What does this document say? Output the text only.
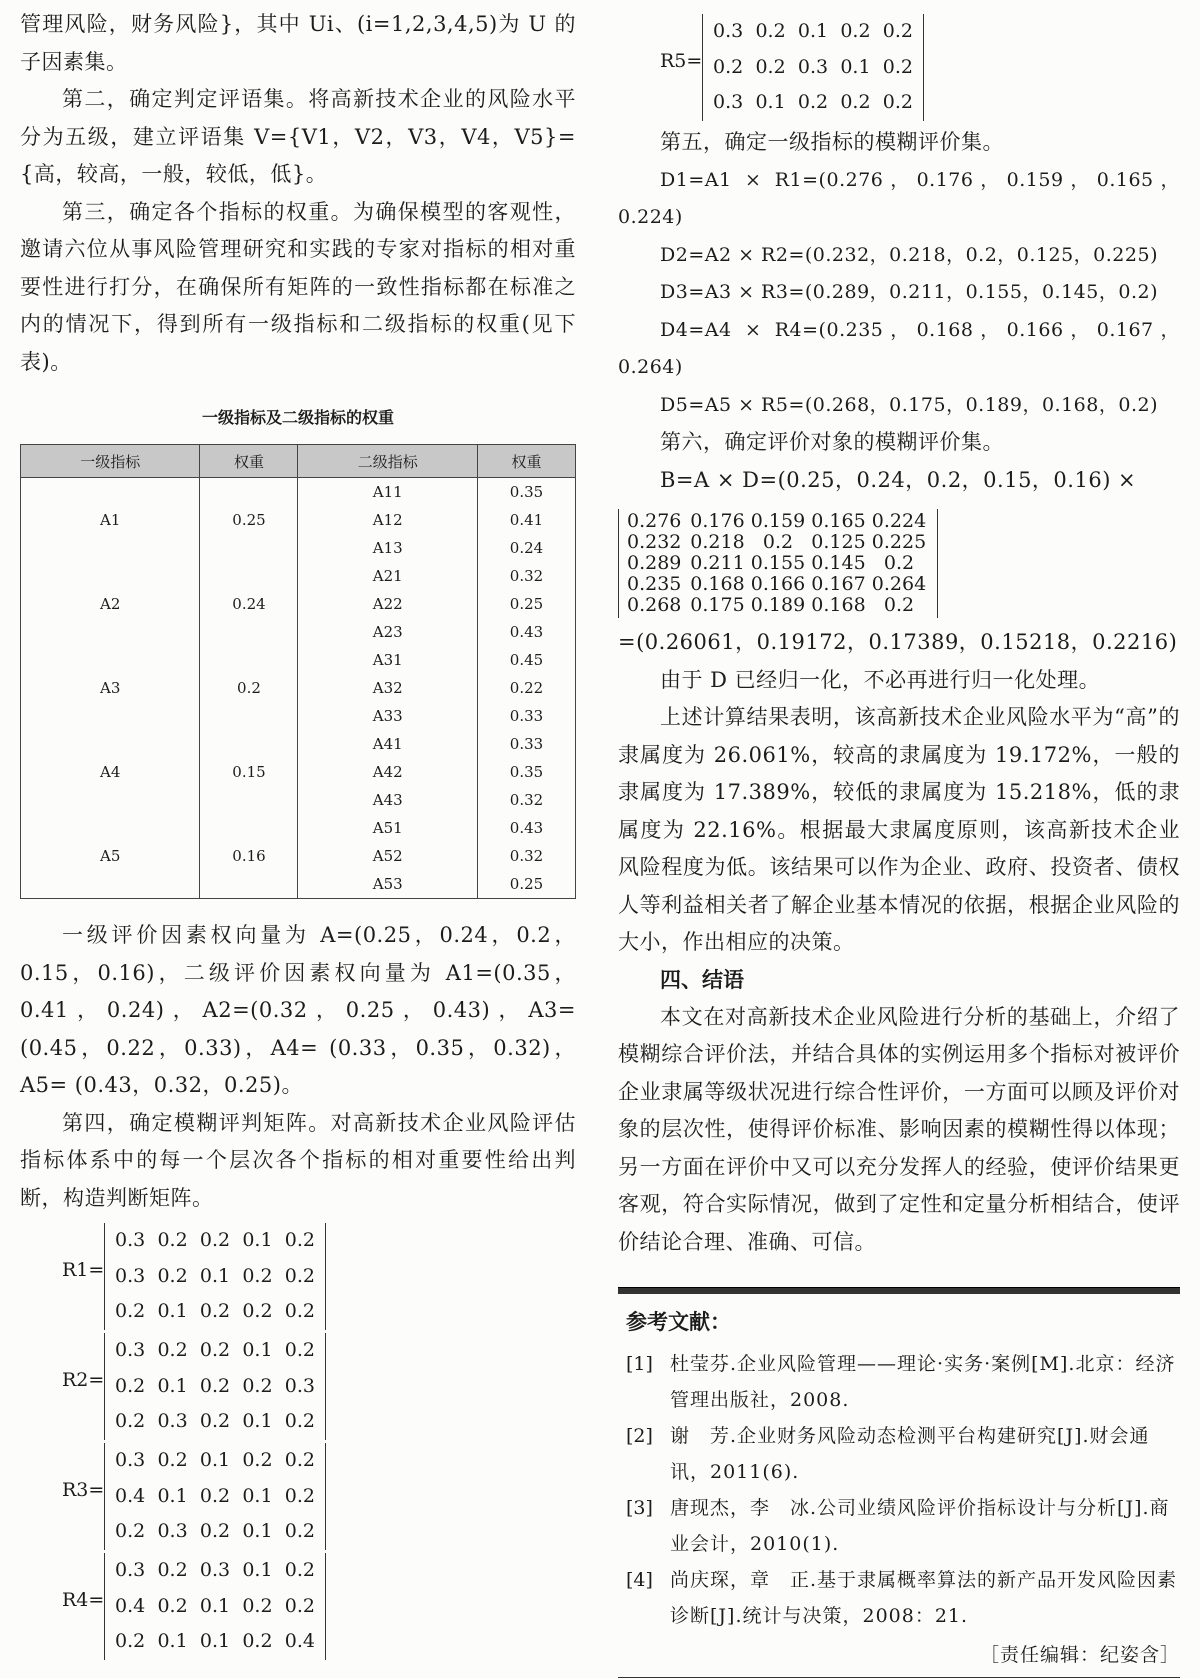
管理风险，财务风险}，其中 Ui、(i=1,2,3,4,5)为 U 的子因素集。

第二，确定判定评语集。将高新技术企业的风险水平分为五级，建立评语集 V={V1，V2，V3，V4，V5}={高，较高，一般，较低，低}。

第三，确定各个指标的权重。为确保模型的客观性，邀请六位从事风险管理研究和实践的专家对指标的相对重要性进行打分，在确保所有矩阵的一致性指标都在标准之内的情况下，得到所有一级指标和二级指标的权重(见下表)。

一级指标及二级指标的权重
一级指标	权重	二级指标	权重
A1	0.25	A11	0.35
		A12	0.41
		A13	0.24
A2	0.24	A21	0.32
		A22	0.25
		A23	0.43
A3	0.2	A31	0.45
		A32	0.22
		A33	0.33
A4	0.15	A41	0.33
		A42	0.35
		A43	0.32
A5	0.16	A51	0.43
		A52	0.32
		A53	0.25

一级评价因素权向量为 A=(0.25，0.24，0.2，0.15，0.16)，二级评价因素权向量为 A1=(0.35，0.41，0.24)，A2=(0.32，0.25，0.43)，A3= (0.45，0.22，0.33)，A4= (0.33，0.35，0.32)，A5= (0.43，0.32，0.25)。

第四，确定模糊评判矩阵。对高新技术企业风险评估指标体系中的每一个层次各个指标的相对重要性给出判断，构造判断矩阵。

R1=
0.3 0.2 0.2 0.1 0.2
0.3 0.2 0.1 0.2 0.2
0.2 0.1 0.2 0.2 0.2
R2=
0.3 0.2 0.2 0.1 0.2
0.2 0.1 0.2 0.2 0.3
0.2 0.3 0.2 0.1 0.2
R3=
0.3 0.2 0.1 0.2 0.2
0.4 0.1 0.2 0.1 0.2
0.2 0.3 0.2 0.1 0.2
R4=
0.3 0.2 0.3 0.1 0.2
0.4 0.2 0.1 0.2 0.2
0.2 0.1 0.1 0.2 0.4
R5=
0.3 0.2 0.1 0.2 0.2
0.2 0.2 0.3 0.1 0.2
0.3 0.1 0.2 0.2 0.2

第五，确定一级指标的模糊评价集。

D1=A1 × R1=(0.276，0.176，0.159，0.165，0.224)

D2=A2 × R2=(0.232，0.218，0.2，0.125，0.225)

D3=A3 × R3=(0.289，0.211，0.155，0.145，0.2)

D4=A4 × R4=(0.235，0.168，0.166，0.167，0.264)

D5=A5 × R5=(0.268，0.175，0.189，0.168，0.2)

第六，确定评价对象的模糊评价集。

B=A × D=(0.25，0.24，0.2，0.15，0.16) ×

0.276 0.176 0.159 0.165 0.224
0.232 0.218 0.2 0.125 0.225
0.289 0.211 0.155 0.145 0.2
0.235 0.168 0.166 0.167 0.264
0.268 0.175 0.189 0.168 0.2

=(0.26061，0.19172，0.17389，0.15218，0.2216)

由于 D 已经归一化，不必再进行归一化处理。

上述计算结果表明，该高新技术企业风险水平为“高”的隶属度为 26.061%，较高的隶属度为 19.172%，一般的隶属度为 17.389%，较低的隶属度为 15.218%，低的隶属度为 22.16%。根据最大隶属度原则，该高新技术企业风险程度为低。该结果可以作为企业、政府、投资者、债权人等利益相关者了解企业基本情况的依据，根据企业风险的大小，作出相应的决策。

四、结语

本文在对高新技术企业风险进行分析的基础上，介绍了模糊综合评价法，并结合具体的实例运用多个指标对被评价企业隶属等级状况进行综合性评价，一方面可以顾及评价对象的层次性，使得评价标准、影响因素的模糊性得以体现；另一方面在评价中又可以充分发挥人的经验，使评价结果更客观，符合实际情况，做到了定性和定量分析相结合，使评价结论合理、准确、可信。

参考文献：
[1] 杜莹芬.企业风险管理——理论·实务·案例[M].北京：经济管理出版社，2008.
[2] 谢　芳.企业财务风险动态检测平台构建研究[J].财会通讯，2011(6).
[3] 唐现杰，李　冰.公司业绩风险评价指标设计与分析[J].商业会计，2010(1).
[4] 尚庆琛，章　正.基于隶属概率算法的新产品开发风险因素诊断[J].统计与决策，2008：21.
［责任编辑：纪姿含］
